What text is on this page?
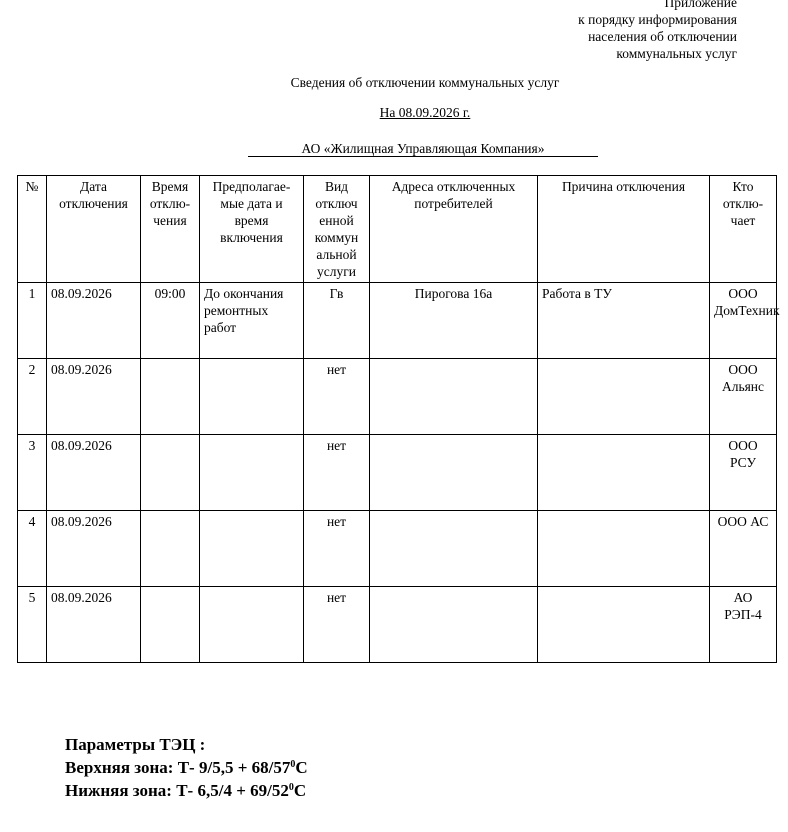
Приложение
к порядку информирования
населения об отключении
коммунальных услуг
Сведения об отключении коммунальных услуг
На 08.09.2026 г.
АО «Жилищная Управляющая Компания»
№	Дата отключения	Время отклю-чения	Предполагае-мые дата и время включения	Вид отключ енной коммун альной услуги	Адреса отключенных потребителей	Причина отключения	Кто отклю-чает
1	08.09.2026	09:00	До окончания ремонтных работ	Гв	Пирогова 16а	Работа в ТУ	ООО ДомТехник
2	08.09.2026			нет			ООО Альянс
3	08.09.2026			нет			ООО РСУ
4	08.09.2026			нет			ООО АС
5	08.09.2026			нет			АО РЭП-4
Параметры ТЭЦ :
Верхняя зона: Т- $9/5,5 + 68/57^0С$
Нижняя зона: Т- $6,5/4 + 69/52^0С$
